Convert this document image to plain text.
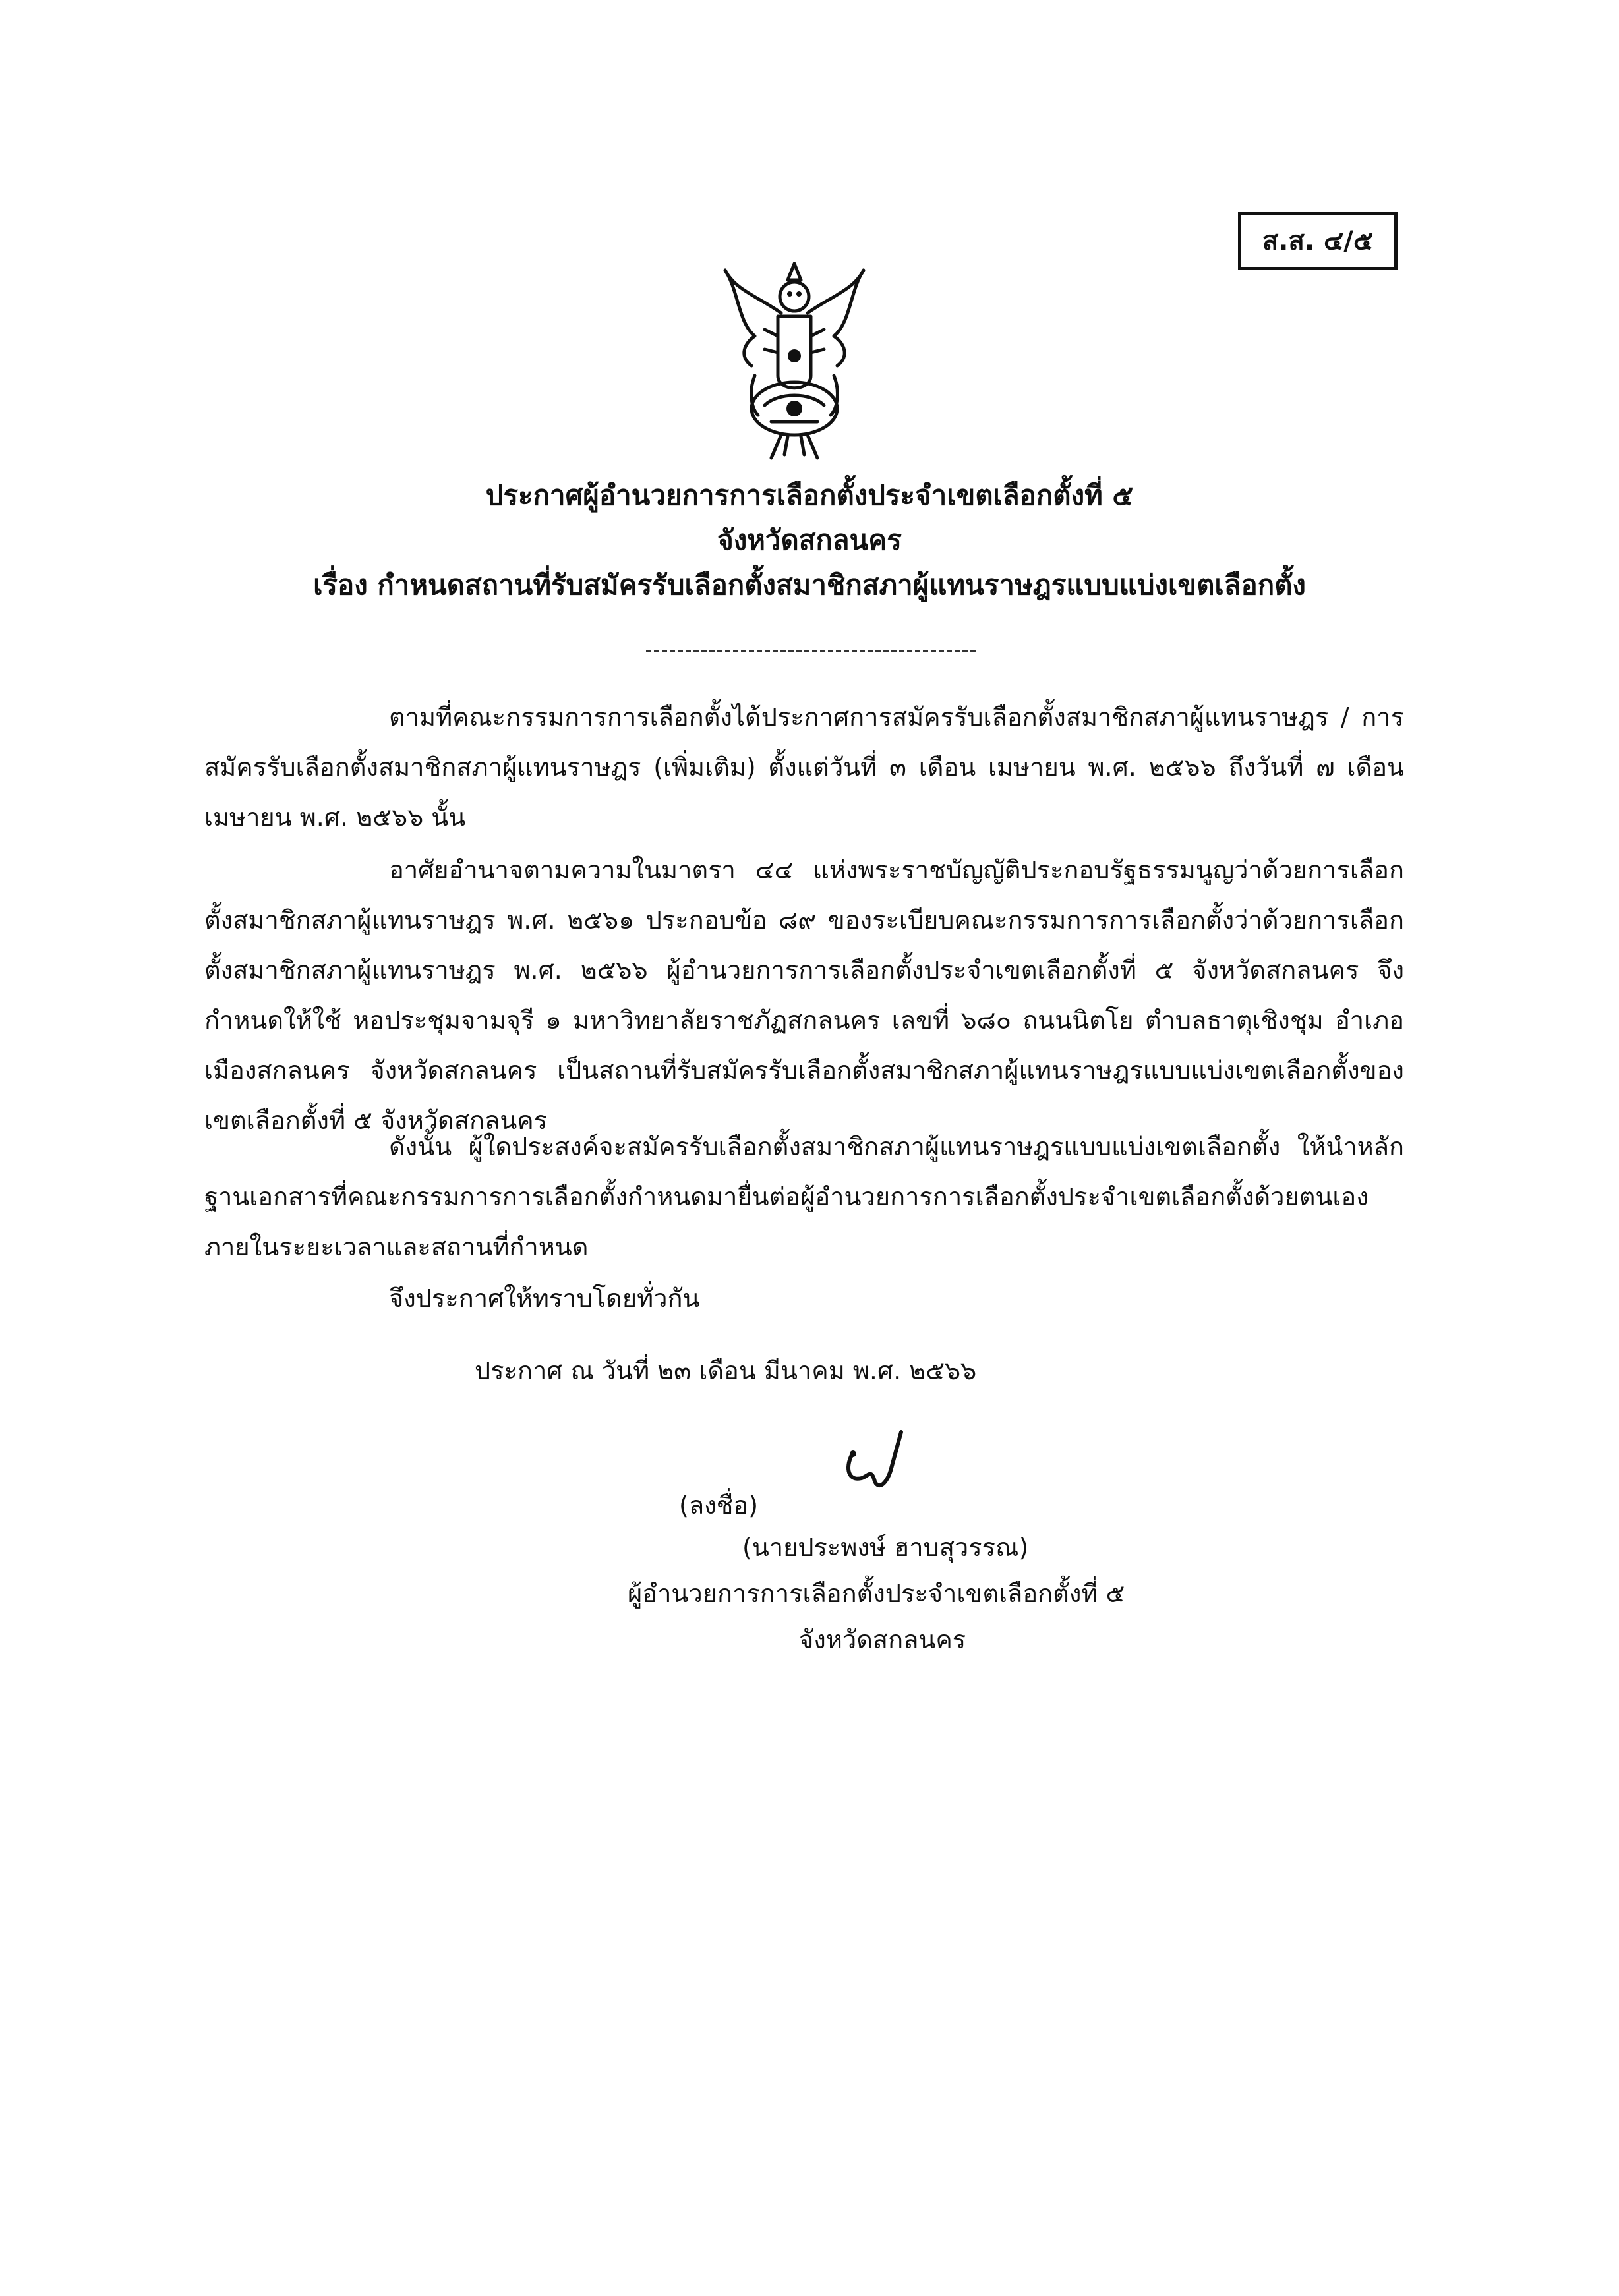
ส.ส. ๔/๕
ประกาศผู้อำนวยการการเลือกตั้งประจำเขตเลือกตั้งที่ ๕
จังหวัดสกลนคร
เรื่อง กำหนดสถานที่รับสมัครรับเลือกตั้งสมาชิกสภาผู้แทนราษฎรแบบแบ่งเขตเลือกตั้ง
ตามที่คณะกรรมการการเลือกตั้งได้ประกาศการสมัครรับเลือกตั้งสมาชิกสภาผู้แทนราษฎร / การสมัครรับเลือกตั้งสมาชิกสภาผู้แทนราษฎร (เพิ่มเติม) ตั้งแต่วันที่ ๓ เดือน เมษายน พ.ศ. ๒๕๖๖ ถึงวันที่ ๗ เดือน เมษายน พ.ศ. ๒๕๖๖ นั้น
อาศัยอำนาจตามความในมาตรา ๔๔ แห่งพระราชบัญญัติประกอบรัฐธรรมนูญว่าด้วยการเลือกตั้งสมาชิกสภาผู้แทนราษฎร พ.ศ. ๒๕๖๑ ประกอบข้อ ๘๙ ของระเบียบคณะกรรมการการเลือกตั้งว่าด้วยการเลือกตั้งสมาชิกสภาผู้แทนราษฎร พ.ศ. ๒๕๖๖ ผู้อำนวยการการเลือกตั้งประจำเขตเลือกตั้งที่ ๕ จังหวัดสกลนคร จึงกำหนดให้ใช้ หอประชุมจามจุรี ๑ มหาวิทยาลัยราชภัฏสกลนคร เลขที่ ๖๘๐ ถนนนิตโย ตำบลธาตุเชิงชุม อำเภอเมืองสกลนคร จังหวัดสกลนคร เป็นสถานที่รับสมัครรับเลือกตั้งสมาชิกสภาผู้แทนราษฎรแบบแบ่งเขตเลือกตั้งของเขตเลือกตั้งที่ ๕ จังหวัดสกลนคร
ดังนั้น ผู้ใดประสงค์จะสมัครรับเลือกตั้งสมาชิกสภาผู้แทนราษฎรแบบแบ่งเขตเลือกตั้ง ให้นำหลักฐานเอกสารที่คณะกรรมการการเลือกตั้งกำหนดมายื่นต่อผู้อำนวยการการเลือกตั้งประจำเขตเลือกตั้งด้วยตนเองภายในระยะเวลาและสถานที่กำหนด
จึงประกาศให้ทราบโดยทั่วกัน
ประกาศ ณ วันที่ ๒๓ เดือน มีนาคม พ.ศ. ๒๕๖๖
(ลงชื่อ)
(นายประพงษ์ ฮาบสุวรรณ)
ผู้อำนวยการการเลือกตั้งประจำเขตเลือกตั้งที่ ๕
จังหวัดสกลนคร
